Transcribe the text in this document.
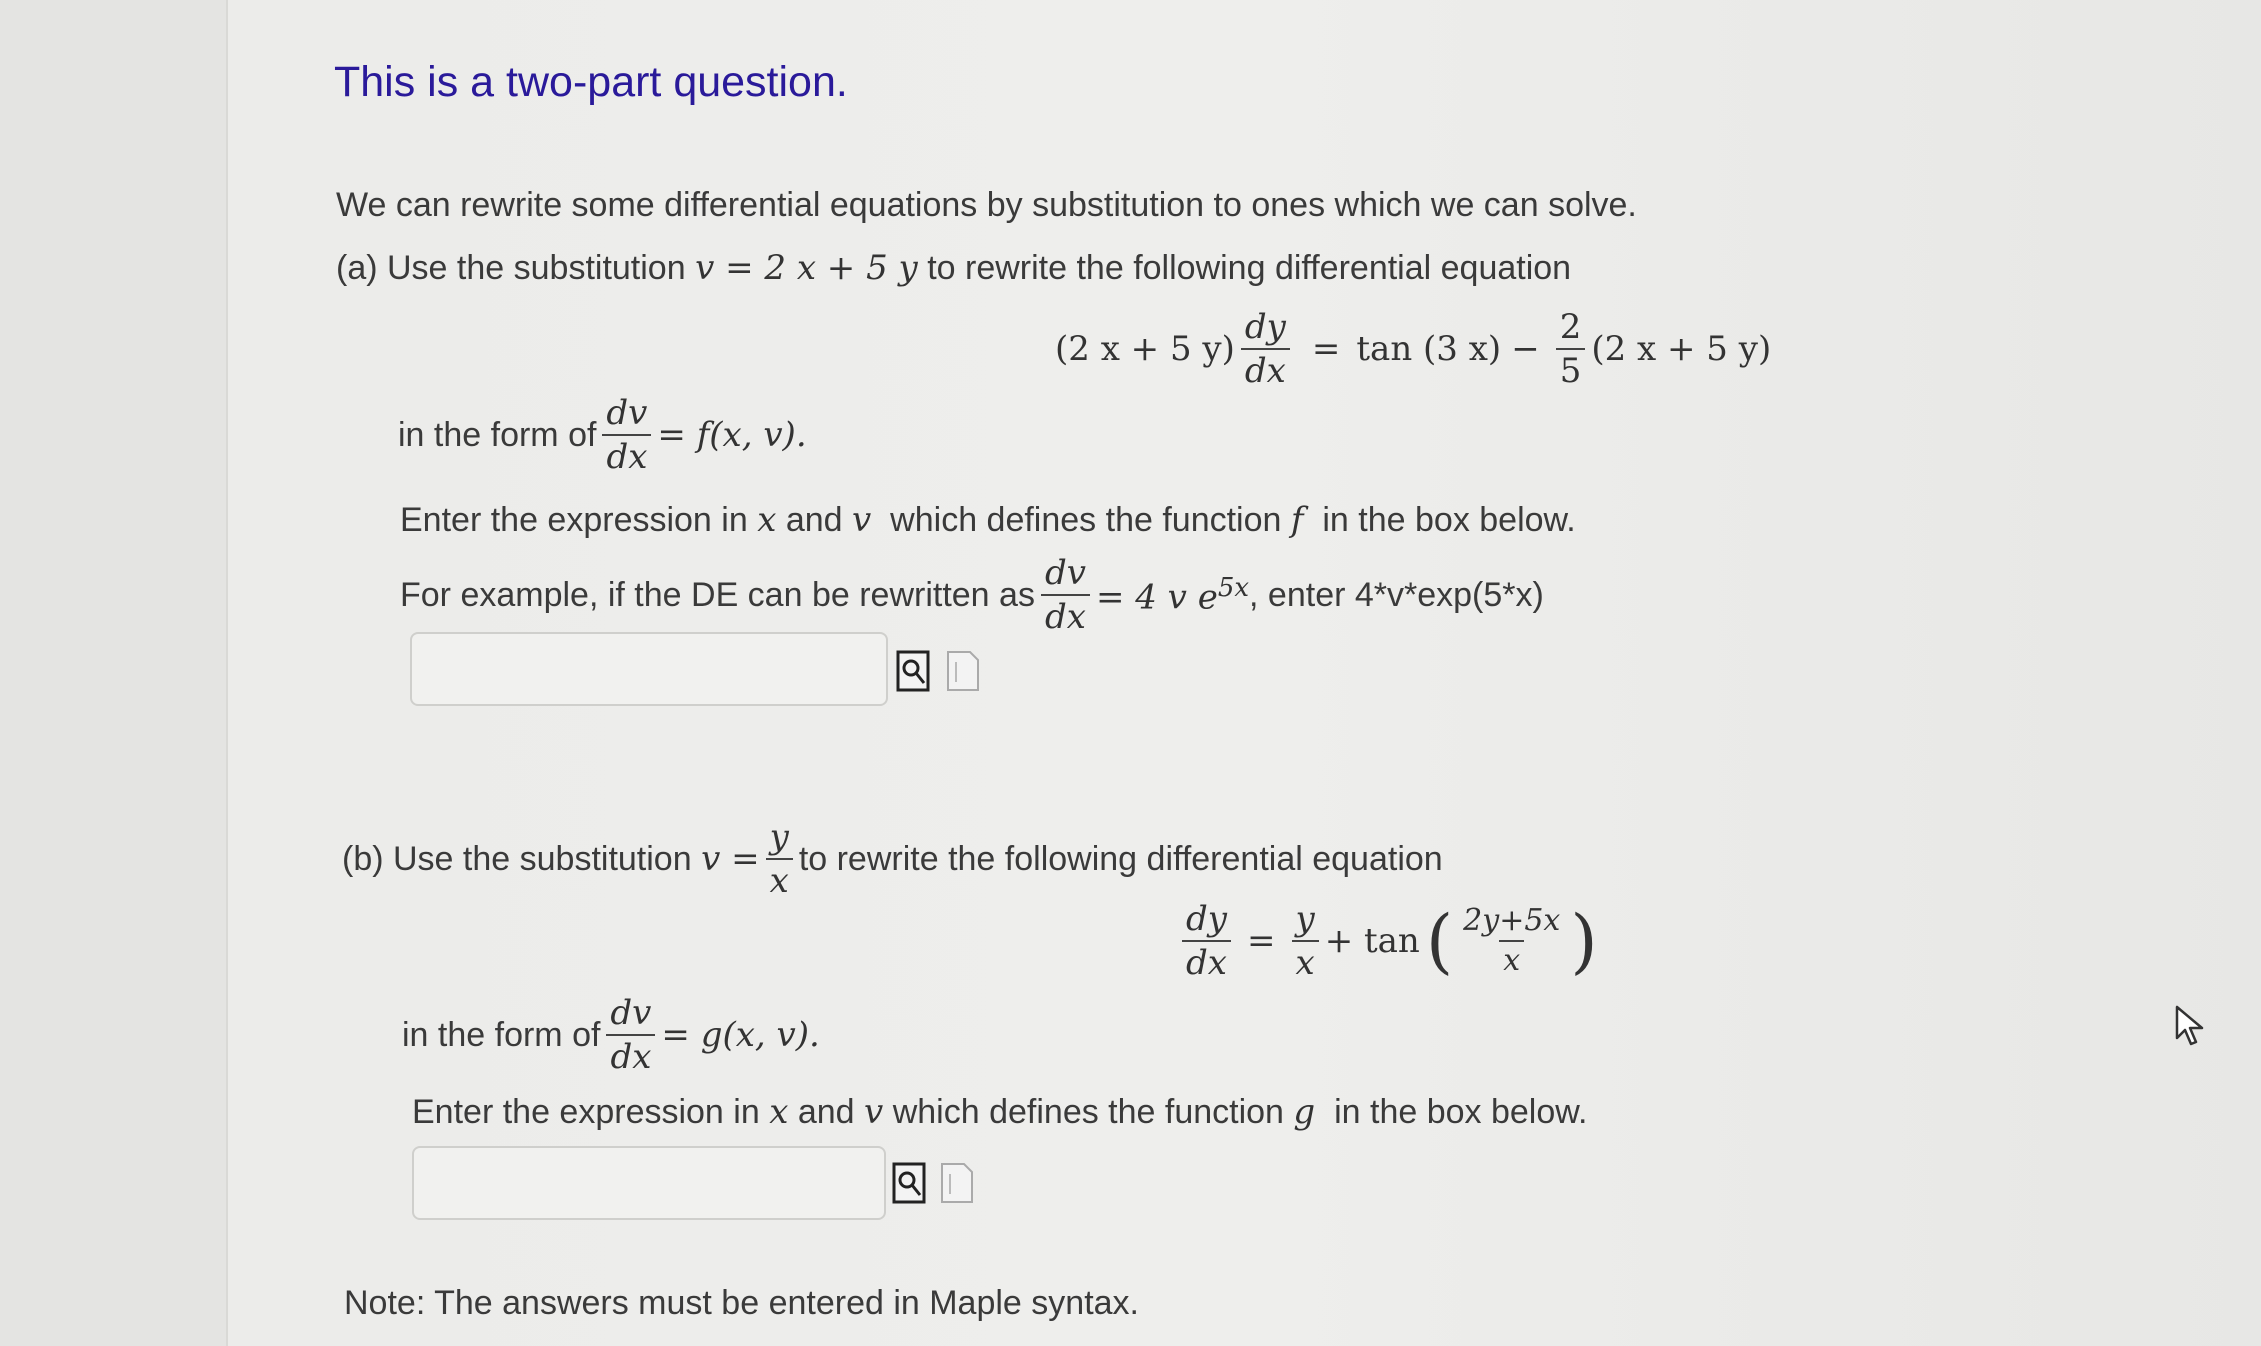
This is a two-part question.
We can rewrite some differential equations by substitution to ones which we can solve.
(a) Use the substitution v = 2 x + 5 y to rewrite the following differential equation
(2 x + 5 $y) \frac{dy}{dx} = \tan (3$ $x) - \frac{2}{5} (2$ x + 5 y)
in the form of $\frac{dv}{dx} = f(x$, v).
Enter the expression in x and v which defines the function f in the box below.
For example, if the DE can be rewritten as $\frac{dv}{dx} = 4$ v $e^{5x}$ , enter 4*v*exp(5*x)
(b) Use the substitution
$v = \frac{y}{x}$ to rewrite the following differential equation
$\frac{dy}{dx} = \frac{y}{x} + \tan$ ( $\frac{2y+5x}{x}$ )
in the form of $\frac{dv}{dx} = g(x$, v).
Enter the expression in x and v which defines the function g in the box below.
Note: The answers must be entered in Maple syntax.
